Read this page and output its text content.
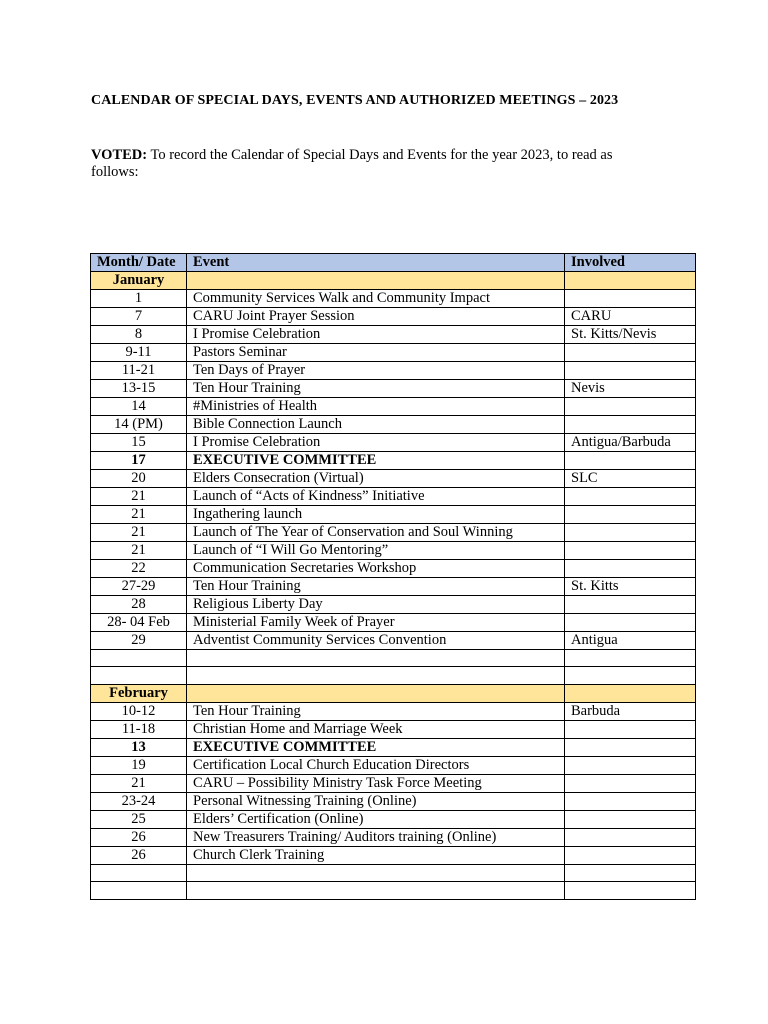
CALENDAR OF SPECIAL DAYS, EVENTS AND AUTHORIZED MEETINGS – 2023
VOTED: To record the Calendar of Special Days and Events for the year 2023, to read as follows:
Month/ Date	Event	Involved
January		
1	Community Services Walk and Community Impact	
7	CARU Joint Prayer Session	CARU
8	I Promise Celebration	St. Kitts/Nevis
9-11	Pastors Seminar	
11-21	Ten Days of Prayer	
13-15	Ten Hour Training	Nevis
14	#Ministries of Health	
14 (PM)	Bible Connection Launch	
15	I Promise Celebration	Antigua/Barbuda
17	EXECUTIVE COMMITTEE	
20	Elders Consecration (Virtual)	SLC
21	Launch of “Acts of Kindness” Initiative	
21	Ingathering launch	
21	Launch of The Year of Conservation and Soul Winning	
21	Launch of “I Will Go Mentoring”	
22	Communication Secretaries Workshop	
27-29	Ten Hour Training	St. Kitts
28	Religious Liberty Day	
28- 04 Feb	Ministerial Family Week of Prayer	
29	Adventist Community Services Convention	Antigua

February		
10-12	Ten Hour Training	Barbuda
11-18	Christian Home and Marriage Week	
13	EXECUTIVE COMMITTEE	
19	Certification Local Church Education Directors	
21	CARU – Possibility Ministry Task Force Meeting	
23-24	Personal Witnessing Training (Online)	
25	Elders’ Certification (Online)	
26	New Treasurers Training/ Auditors training (Online)	
26	Church Clerk Training	
